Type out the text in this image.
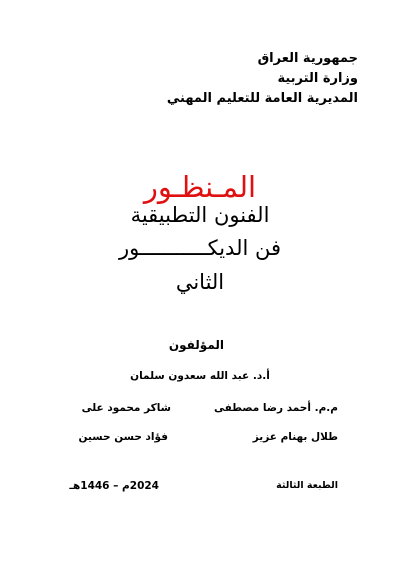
جمهورية العراق
وزارة التربية
المديرية العامة للتعليم المهني
المـنظـور
الفنون التطبيقية
فن الديكـــــــــــور
الثاني
المؤلفون
أ.د. عبد الله سعدون سلمان
م.م. أحمد رضا مصطفى
شاكر محمود على
طلال بهنام عزيز
فؤاد حسن حسين
الطبعة الثالثة
2024م – 1446هـ
